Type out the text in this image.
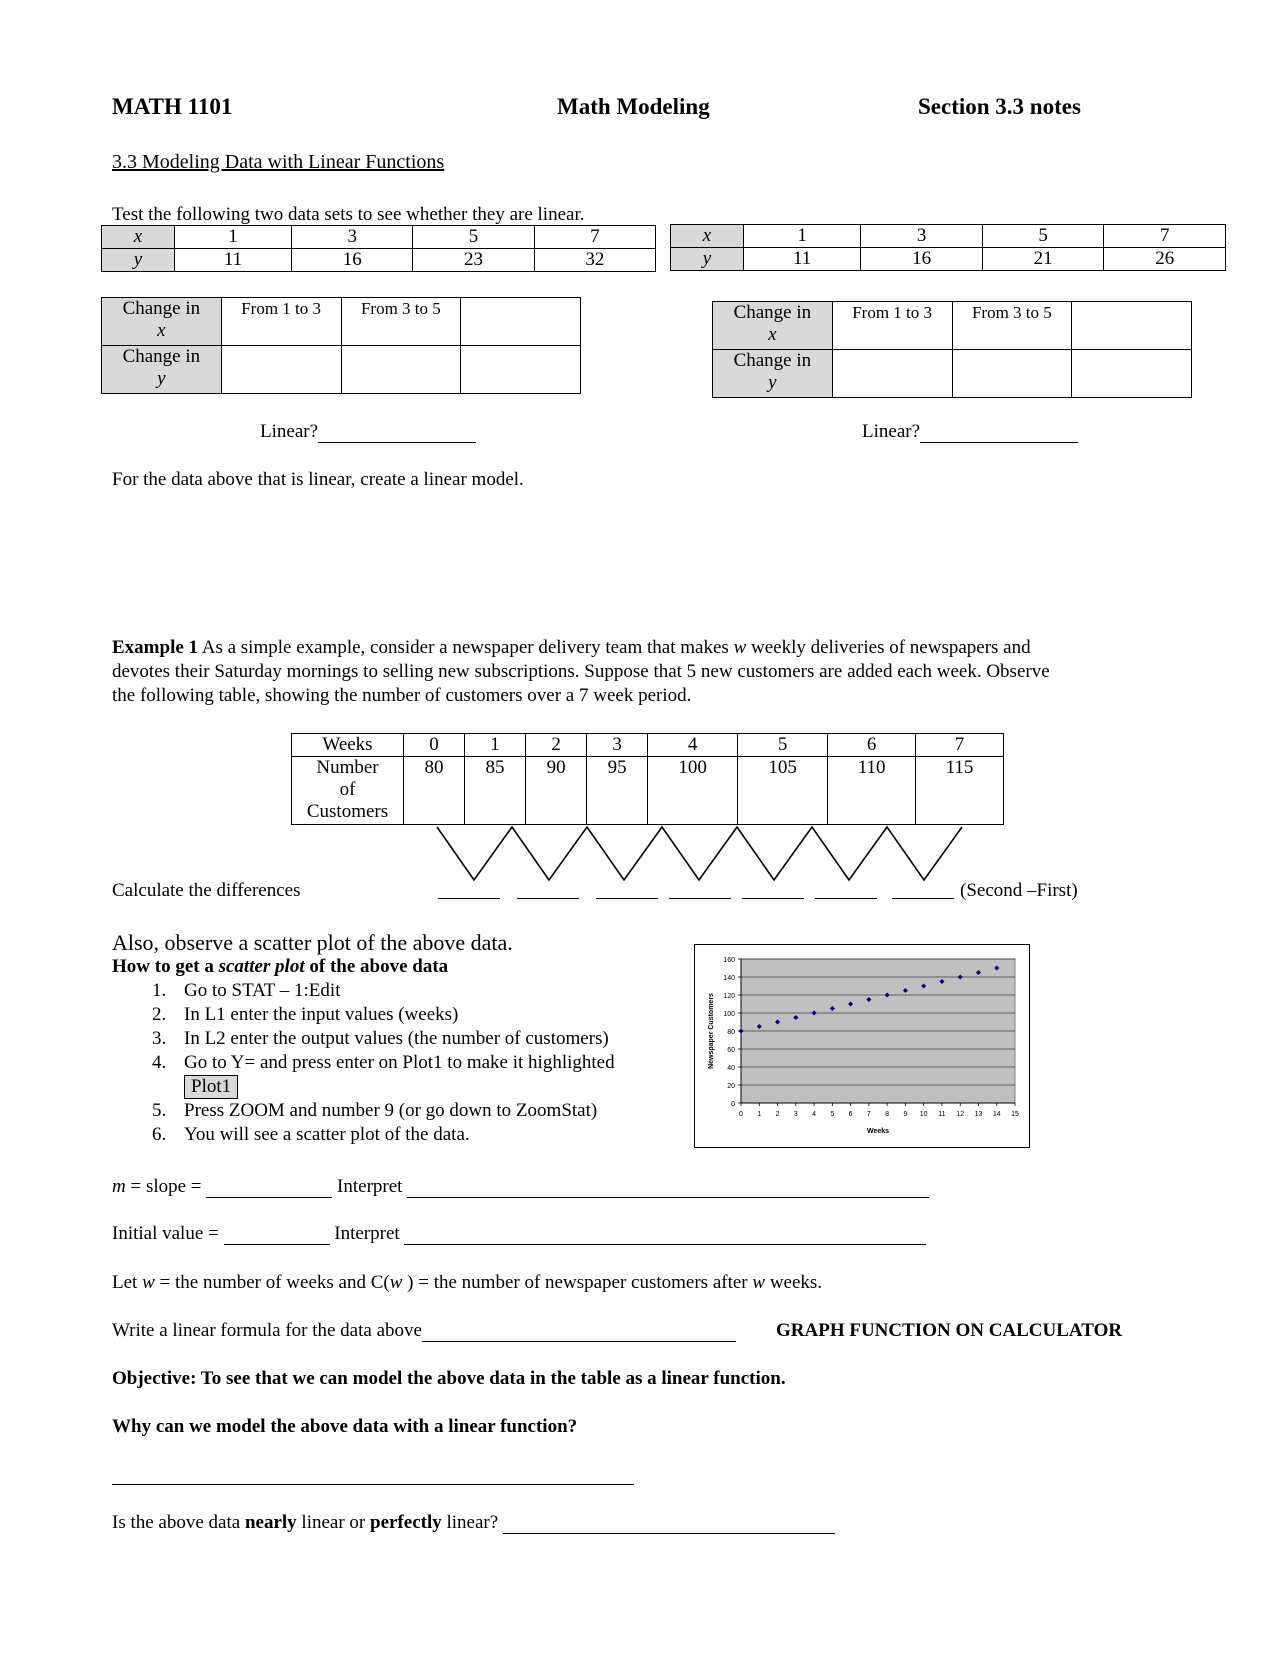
MATH 1101	Math Modeling	Section 3.3 notes
3.3 Modeling Data with Linear Functions
Test the following two data sets to see whether they are linear.
x	1	3	5	7
y	11	16	23	32
x	1	3	5	7
y	11	16	21	26
Change in
x	From 1 to 3	From 3 to 5	
Change in
y			
Change in
x	From 1 to 3	From 3 to 5	
Change in
y			
Linear?	Linear?
For the data above that is linear, create a linear model.
Example 1 As a simple example, consider a newspaper delivery team that makes w weekly deliveries of newspapers and
devotes their Saturday mornings to selling new subscriptions. Suppose that 5 new customers are added each week. Observe
the following table, showing the number of customers over a 7 week period.
Weeks	0	1	2	3	4	5	6	7
Number
of
Customers	80	85	90	95	100	105	110	115
Calculate the differences	(Second –First)
Also, observe a scatter plot of the above data.
How to get a scatter plot of the above data
1. Go to STAT – 1:Edit
2. In L1 enter the input values (weeks)
3. In L2 enter the output values (the number of customers)
4. Go to Y= and press enter on Plot1 to make it highlighted
Plot1
5. Press ZOOM and number 9 (or go down to ZoomStat)
6. You will see a scatter plot of the data.
0
20
40
60
80
100
120
140
160
0 1 2 3 4 5 6 7 8 9 10 11 12 13 14 15
Weeks
Newspaper Customers
m = slope =	Interpret
Initial value =	Interpret
Let w = the number of weeks and C(w ) = the number of newspaper customers after w weeks.
Write a linear formula for the data above	GRAPH FUNCTION ON CALCULATOR
Objective: To see that we can model the above data in the table as a linear function.
Why can we model the above data with a linear function?
Is the above data nearly linear or perfectly linear?
